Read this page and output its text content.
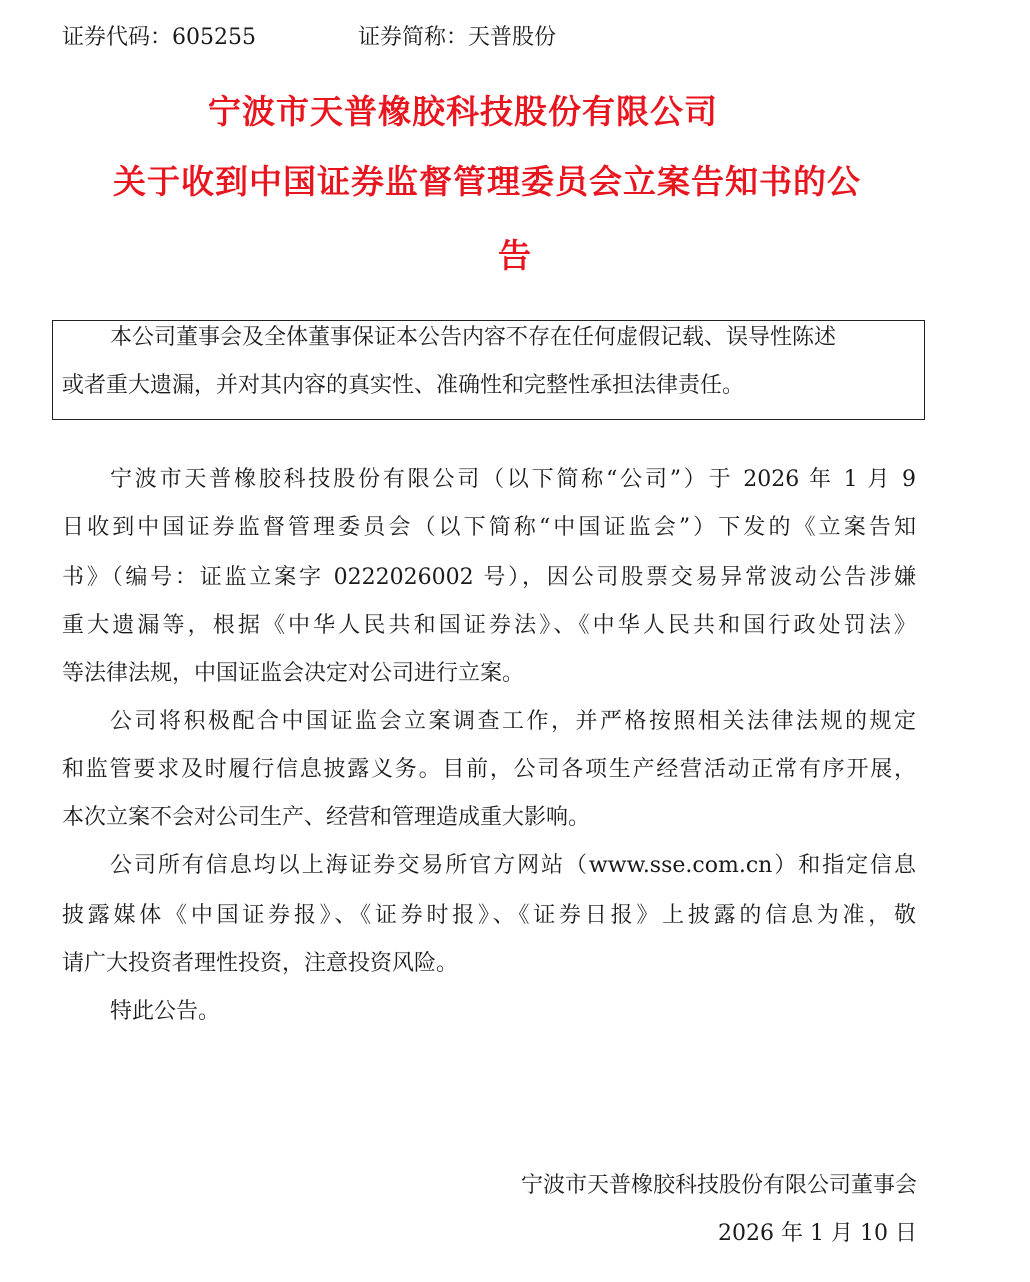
证券代码：605255	证券简称：天普股份
宁波市天普橡胶科技股份有限公司
关于收到中国证券监督管理委员会立案告知书的公
告
本公司董事会及全体董事保证本公告内容不存在任何虚假记载、误导性陈述
或者重大遗漏，并对其内容的真实性、准确性和完整性承担法律责任。
宁波市天普橡胶科技股份有限公司（以下简称“公司”）于 2026 年 1 月 9
日收到中国证券监督管理委员会（以下简称“中国证监会”）下发的《立案告知
书》（编号：证监立案字 0222026002 号），因公司股票交易异常波动公告涉嫌
重大遗漏等，根据《中华人民共和国证券法》、《中华人民共和国行政处罚法》
等法律法规，中国证监会决定对公司进行立案。
公司将积极配合中国证监会立案调查工作，并严格按照相关法律法规的规定
和监管要求及时履行信息披露义务。目前，公司各项生产经营活动正常有序开展，
本次立案不会对公司生产、经营和管理造成重大影响。
公司所有信息均以上海证券交易所官方网站（www.sse.com.cn）和指定信息
披露媒体《中国证券报》、《证券时报》、《证券日报》上披露的信息为准，敬
请广大投资者理性投资，注意投资风险。
特此公告。
宁波市天普橡胶科技股份有限公司董事会
2026 年 1 月 10 日
